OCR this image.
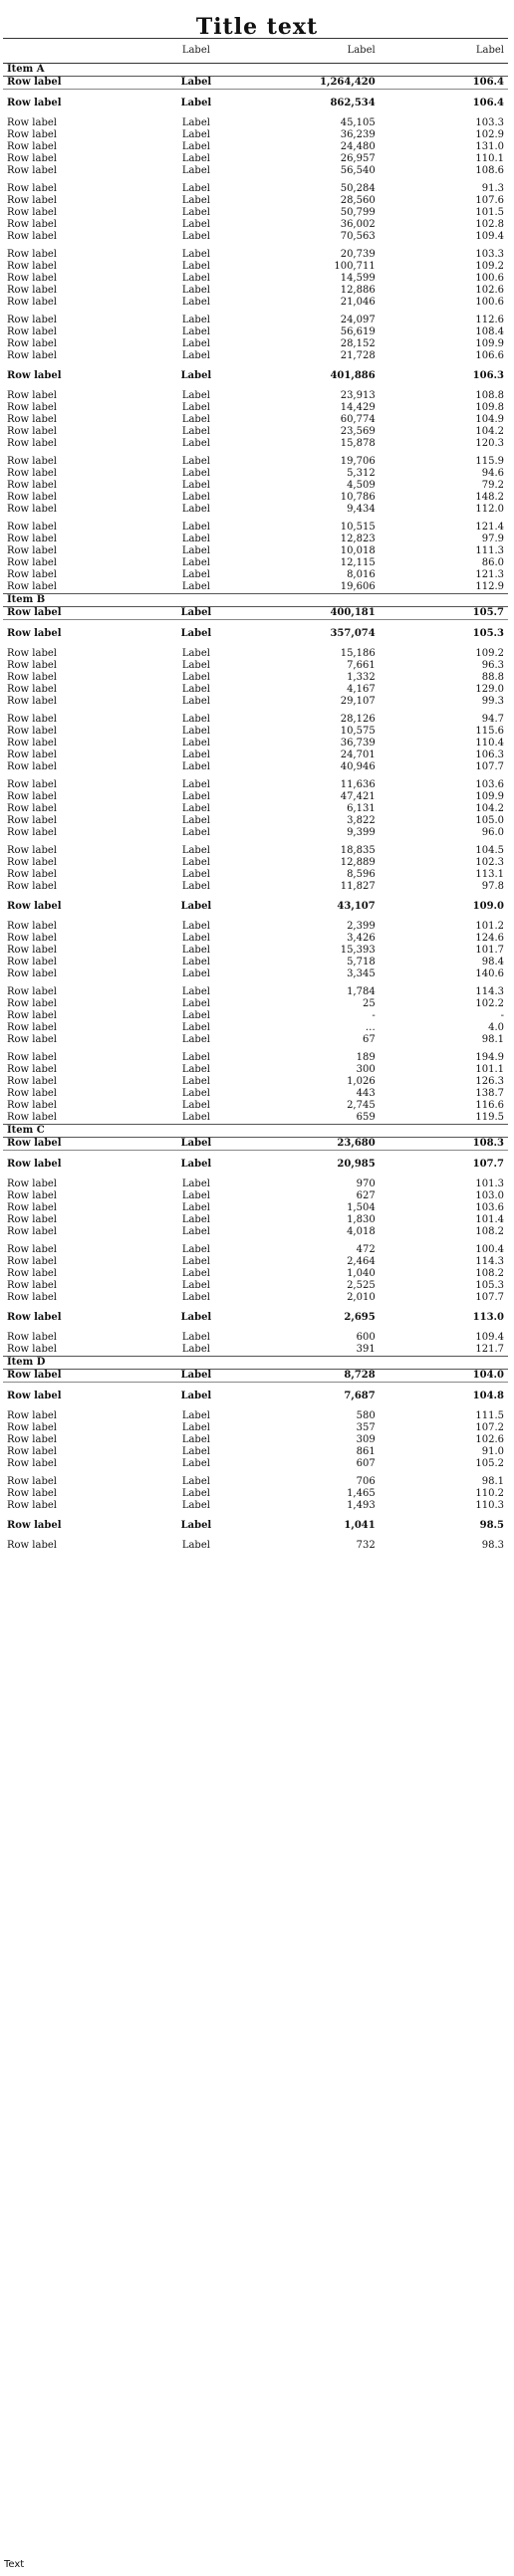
Title text
	Label	Label	Label
Item A			
Row label	Label	1,264,420	106.4

Row label	Label	862,534	106.4

Row label	Label	45,105	103.3
Row label	Label	36,239	102.9
Row label	Label	24,480	131.0
Row label	Label	26,957	110.1
Row label	Label	56,540	108.6

Row label	Label	50,284	91.3
Row label	Label	28,560	107.6
Row label	Label	50,799	101.5
Row label	Label	36,002	102.8
Row label	Label	70,563	109.4

Row label	Label	20,739	103.3
Row label	Label	100,711	109.2
Row label	Label	14,599	100.6
Row label	Label	12,886	102.6
Row label	Label	21,046	100.6

Row label	Label	24,097	112.6
Row label	Label	56,619	108.4
Row label	Label	28,152	109.9
Row label	Label	21,728	106.6

Row label	Label	401,886	106.3

Row label	Label	23,913	108.8
Row label	Label	14,429	109.8
Row label	Label	60,774	104.9
Row label	Label	23,569	104.2
Row label	Label	15,878	120.3

Row label	Label	19,706	115.9
Row label	Label	5,312	94.6
Row label	Label	4,509	79.2
Row label	Label	10,786	148.2
Row label	Label	9,434	112.0

Row label	Label	10,515	121.4
Row label	Label	12,823	97.9
Row label	Label	10,018	111.3
Row label	Label	12,115	86.0
Row label	Label	8,016	121.3
Row label	Label	19,606	112.9
Item B			
Row label	Label	400,181	105.7

Row label	Label	357,074	105.3

Row label	Label	15,186	109.2
Row label	Label	7,661	96.3
Row label	Label	1,332	88.8
Row label	Label	4,167	129.0
Row label	Label	29,107	99.3

Row label	Label	28,126	94.7
Row label	Label	10,575	115.6
Row label	Label	36,739	110.4
Row label	Label	24,701	106.3
Row label	Label	40,946	107.7

Row label	Label	11,636	103.6
Row label	Label	47,421	109.9
Row label	Label	6,131	104.2
Row label	Label	3,822	105.0
Row label	Label	9,399	96.0

Row label	Label	18,835	104.5
Row label	Label	12,889	102.3
Row label	Label	8,596	113.1
Row label	Label	11,827	97.8

Row label	Label	43,107	109.0

Row label	Label	2,399	101.2
Row label	Label	3,426	124.6
Row label	Label	15,393	101.7
Row label	Label	5,718	98.4
Row label	Label	3,345	140.6

Row label	Label	1,784	114.3
Row label	Label	25	102.2
Row label	Label	-	-
Row label	Label	…	4.0
Row label	Label	67	98.1

Row label	Label	189	194.9
Row label	Label	300	101.1
Row label	Label	1,026	126.3
Row label	Label	443	138.7
Row label	Label	2,745	116.6
Row label	Label	659	119.5
Item C			
Row label	Label	23,680	108.3

Row label	Label	20,985	107.7

Row label	Label	970	101.3
Row label	Label	627	103.0
Row label	Label	1,504	103.6
Row label	Label	1,830	101.4
Row label	Label	4,018	108.2

Row label	Label	472	100.4
Row label	Label	2,464	114.3
Row label	Label	1,040	108.2
Row label	Label	2,525	105.3
Row label	Label	2,010	107.7

Row label	Label	2,695	113.0

Row label	Label	600	109.4
Row label	Label	391	121.7
Item D			
Row label	Label	8,728	104.0

Row label	Label	7,687	104.8

Row label	Label	580	111.5
Row label	Label	357	107.2
Row label	Label	309	102.6
Row label	Label	861	91.0
Row label	Label	607	105.2

Row label	Label	706	98.1
Row label	Label	1,465	110.2
Row label	Label	1,493	110.3

Row label	Label	1,041	98.5

Row label	Label	732	98.3
Text
